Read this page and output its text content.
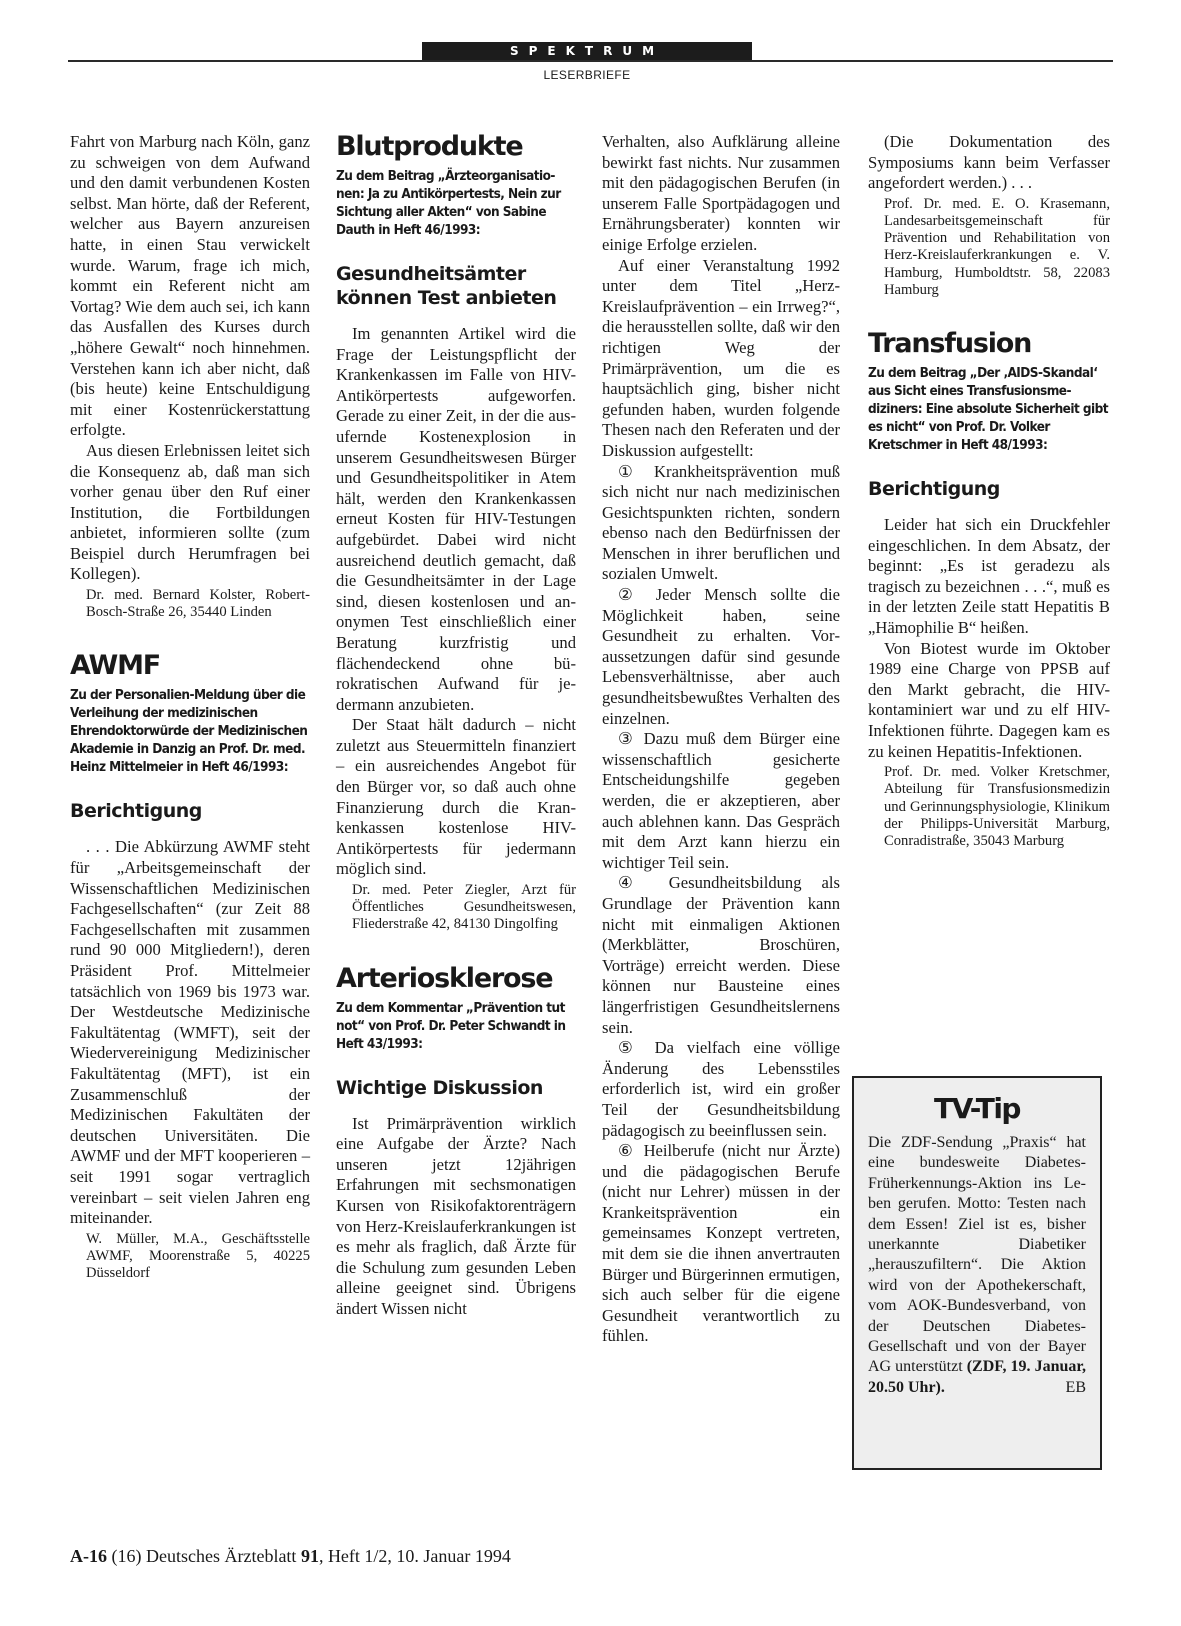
SPEKTRUM
LESERBRIEFE

Fahrt von Marburg nach Köln, ganz zu schweigen von dem Aufwand und den damit verbundenen Kosten selbst. Man hörte, daß der Referent, welcher aus Bayern anzureisen hatte, in einen Stau verwickelt wurde. Warum, frage ich mich, kommt ein Referent nicht am Vortag? Wie dem auch sei, ich kann das Ausfallen des Kurses durch „höhere Gewalt“ noch hinnehmen. Verstehen kann ich aber nicht, daß (bis heute) keine Entschuldigung mit einer Kostenrückerstattung erfolgte.

Aus diesen Erlebnissen leitet sich die Konsequenz ab, daß man sich vorher genau über den Ruf einer Institution, die Fortbildungen anbietet, informieren sollte (zum Beispiel durch Herumfragen bei Kollegen).

Dr. med. Bernard Kolster, Robert-Bosch-Straße 26, 35440 Linden

AWMF

Zu der Personalien-Meldung über die Verleihung der medizinischen Ehrendoktorwürde der Medizinischen Akademie in Danzig an Prof. Dr. med. Heinz Mittelmeier in Heft 46/1993:

Berichtigung

. . . Die Abkürzung AWMF steht für „Arbeitsgemeinschaft der Wissenschaftlichen Medizinischen Fachgesellschaften“ (zur Zeit 88 Fachgesellschaften mit zusammen rund 90 000 Mitgliedern!), deren Präsident Prof. Mittelmeier tatsächlich von 1969 bis 1973 war. Der Westdeutsche Medizinische Fakultätentag (WMFT), seit der Wiedervereinigung Medizinischer Fakultätentag (MFT), ist ein Zusammenschluß der Medizinischen Fakultäten der deutschen Universitäten. Die AWMF und der MFT kooperieren – seit 1991 sogar vertraglich vereinbart – seit vielen Jahren eng miteinander.

W. Müller, M.A., Geschäftsstelle AWMF, Moorenstraße 5, 40225 Düsseldorf

Blutprodukte

Zu dem Beitrag „Ärzteorganisationen: Ja zu Antikörpertests, Nein zur Sichtung aller Akten“ von Sabine Dauth in Heft 46/1993:

Gesundheitsämter können Test anbieten

Im genannten Artikel wird die Frage der Leistungspflicht der Krankenkassen im Falle von HIV-Antikörpertests aufgeworfen. Gerade zu einer Zeit, in der die ausuferndе Kostenexplosion in unserem Gesundheitswesen Bürger und Gesundheitspolitiker in Atem hält, werden den Krankenkassen erneut Kosten für HIV-Testungen aufgebürdet. Dabei wird nicht ausreichend deutlich gemacht, daß die Gesundheitsämter in der Lage sind, diesen kostenlosen und anonymen Test einschließlich einer Beratung kurzfristig und flächendeckend ohne bürokratischen Aufwand für jedermann anzubieten.

Der Staat hält dadurch – nicht zuletzt aus Steuermitteln finanziert – ein ausreichendes Angebot für den Bürger vor, so daß auch ohne Finanzierung durch die Krankenkassen kostenlose HIV-Antikörpertests für jedermann möglich sind.

Dr. med. Peter Ziegler, Arzt für Öffentliches Gesundheitswesen, Fliederstraße 42, 84130 Dingolfing

Arteriosklerose

Zu dem Kommentar „Prävention tut not“ von Prof. Dr. Peter Schwandt in Heft 43/1993:

Wichtige Diskussion

Ist Primärprävention wirklich eine Aufgabe der Ärzte? Nach unseren jetzt 12jährigen Erfahrungen mit sechsmonatigen Kursen von Risikofaktorenträgern von Herz-Kreislauferkrankungen ist es mehr als fraglich, daß Ärzte für die Schulung zum gesunden Leben alleine geeignet sind. Übrigens ändert Wissen nicht

Verhalten, also Aufklärung alleine bewirkt fast nichts. Nur zusammen mit den pädagogischen Berufen (in unserem Falle Sportpädagogen und Ernährungsberater) konnten wir einige Erfolge erzielen.

Auf einer Veranstaltung 1992 unter dem Titel „Herz-Kreislaufprävention – ein Irrweg?“, die herausstellen sollte, daß wir den richtigen Weg der Primärprävention, um die es hauptsächlich ging, bisher nicht gefunden haben, wurden folgende Thesen nach den Referaten und der Diskussion aufgestellt:

① Krankheitsprävention muß sich nicht nur nach medizinischen Gesichtspunkten richten, sondern ebenso nach den Bedürfnissen der Menschen in ihrer beruflichen und sozialen Umwelt.

② Jeder Mensch sollte die Möglichkeit haben, seine Gesundheit zu erhalten. Voraussetzungen dafür sind gesunde Lebensverhältnisse, aber auch gesundheitsbewußtes Verhalten des einzelnen.

③ Dazu muß dem Bürger eine wissenschaftlich gesicherte Entscheidungshilfe gegeben werden, die er akzeptieren, aber auch ablehnen kann. Das Gespräch mit dem Arzt kann hierzu ein wichtiger Teil sein.

④ Gesundheitsbildung als Grundlage der Prävention kann nicht mit einmaligen Aktionen (Merkblätter, Broschüren, Vorträge) erreicht werden. Diese können nur Bausteine eines längerfristigen Gesundheitslernens sein.

⑤ Da vielfach eine völlige Änderung des Lebensstiles erforderlich ist, wird ein großer Teil der Gesundheitsbildung pädagogisch zu beeinflussen sein.

⑥ Heilberufe (nicht nur Ärzte) und die pädagogischen Berufe (nicht nur Lehrer) müssen in der Krankeitsprävention ein gemeinsames Konzept vertreten, mit dem sie die ihnen anvertrauten Bürger und Bürgerinnen ermutigen, sich auch selber für die eigene Gesundheit verantwortlich zu fühlen.

(Die Dokumentation des Symposiums kann beim Verfasser angefordert werden.) . . .

Prof. Dr. med. E. O. Krasemann, Landesarbeitsgemeinschaft für Prävention und Rehabilitation von Herz-Kreislauferkrankungen e. V. Hamburg, Humboldtstr. 58, 22083 Hamburg

Transfusion

Zu dem Beitrag „Der ‚AIDS-Skandal‘ aus Sicht eines Transfusionsmediziners: Eine absolute Sicherheit gibt es nicht“ von Prof. Dr. Volker Kretschmer in Heft 48/1993:

Berichtigung

Leider hat sich ein Druckfehler eingeschlichen. In dem Absatz, der beginnt: „Es ist geradezu als tragisch zu bezeichnen . . .“, muß es in der letzten Zeile statt Hepatitis B „Hämophilie B“ heißen.

Von Biotest wurde im Oktober 1989 eine Charge von PPSB auf den Markt gebracht, die HIV-kontaminiert war und zu elf HIV-Infektionen führte. Dagegen kam es zu keinen Hepatitis-Infektionen.

Prof. Dr. med. Volker Kretschmer, Abteilung für Transfusionsmedizin und Gerinnungsphysiologie, Klinikum der Philipps-Universität Marburg, Conradistraße, 35043 Marburg

TV-Tip
Die ZDF-Sendung „Praxis“ hat eine bundesweite Diabetes-Früherkennungs-Aktion ins Leben gerufen. Motto: Testen nach dem Essen! Ziel ist es, bisher unerkannte Diabetiker „herauszufiltern“. Die Aktion wird von der Apothekerschaft, vom AOK-Bundesverband, von der Deutschen Diabetes-Gesellschaft und von der Bayer AG unterstützt (ZDF, 19. Januar, 20.50 Uhr).	EB
A-16 (16) Deutsches Ärzteblatt 91, Heft 1/2, 10. Januar 1994
